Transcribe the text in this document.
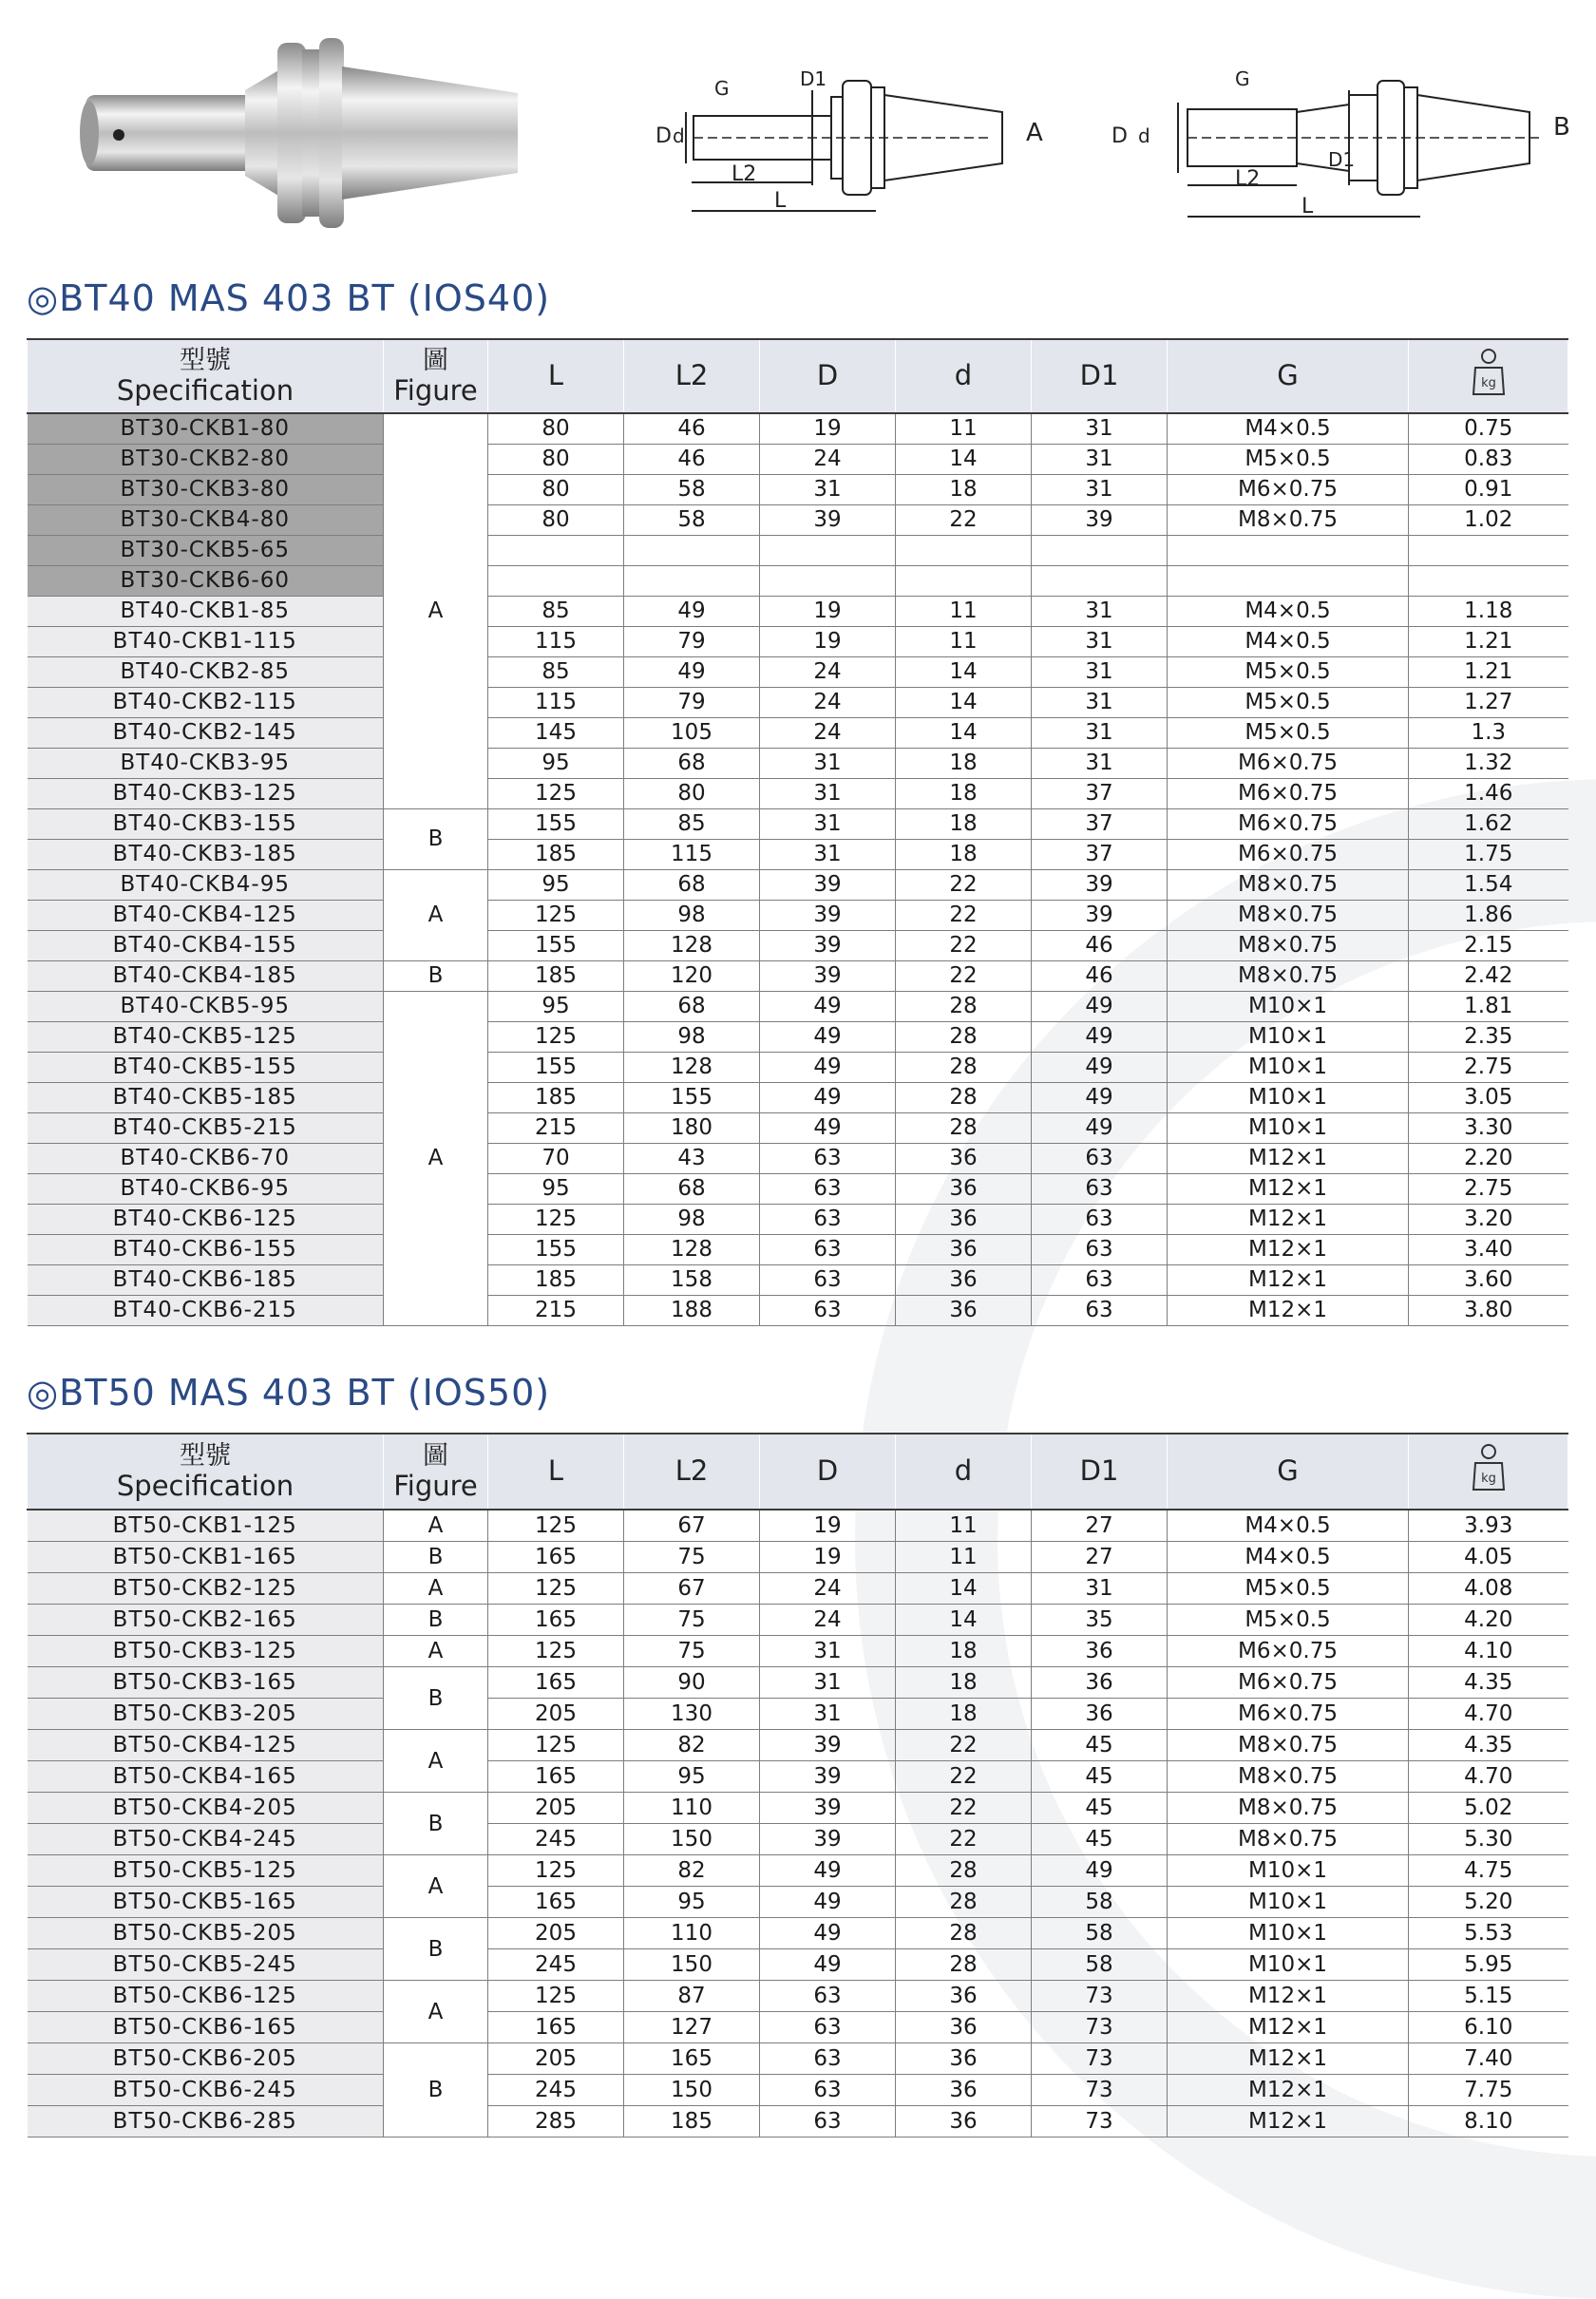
L2
L
G
D d
D1
A
L2
L
G
D d
D1
B
◎BT40 MAS 403 BT (IOS40)
型號
Specification	圖
Figure	L	L2	D	d	D1	G	kg

BT30-CKB1-80	A	80	46	19	11	31	M4×0.5	0.75
BT30-CKB2-80		80	46	24	14	31	M5×0.5	0.83
BT30-CKB3-80		80	58	31	18	31	M6×0.75	0.91
BT30-CKB4-80		80	58	39	22	39	M8×0.75	1.02
BT30-CKB5-65								
BT30-CKB6-60								
BT40-CKB1-85		85	49	19	11	31	M4×0.5	1.18
BT40-CKB1-115		115	79	19	11	31	M4×0.5	1.21
BT40-CKB2-85		85	49	24	14	31	M5×0.5	1.21
BT40-CKB2-115		115	79	24	14	31	M5×0.5	1.27
BT40-CKB2-145		145	105	24	14	31	M5×0.5	1.3
BT40-CKB3-95		95	68	31	18	31	M6×0.75	1.32
BT40-CKB3-125		125	80	31	18	37	M6×0.75	1.46
BT40-CKB3-155	B	155	85	31	18	37	M6×0.75	1.62
BT40-CKB3-185		185	115	31	18	37	M6×0.75	1.75
BT40-CKB4-95	A	95	68	39	22	39	M8×0.75	1.54
BT40-CKB4-125		125	98	39	22	39	M8×0.75	1.86
BT40-CKB4-155		155	128	39	22	46	M8×0.75	2.15
BT40-CKB4-185	B	185	120	39	22	46	M8×0.75	2.42
BT40-CKB5-95	A	95	68	49	28	49	M10×1	1.81
BT40-CKB5-125		125	98	49	28	49	M10×1	2.35
BT40-CKB5-155		155	128	49	28	49	M10×1	2.75
BT40-CKB5-185		185	155	49	28	49	M10×1	3.05
BT40-CKB5-215		215	180	49	28	49	M10×1	3.30
BT40-CKB6-70		70	43	63	36	63	M12×1	2.20
BT40-CKB6-95		95	68	63	36	63	M12×1	2.75
BT40-CKB6-125		125	98	63	36	63	M12×1	3.20
BT40-CKB6-155		155	128	63	36	63	M12×1	3.40
BT40-CKB6-185		185	158	63	36	63	M12×1	3.60
BT40-CKB6-215		215	188	63	36	63	M12×1	3.80
◎BT50 MAS 403 BT (IOS50)
型號
Specification	圖
Figure	L	L2	D	d	D1	G	kg

BT50-CKB1-125	A	125	67	19	11	27	M4×0.5	3.93
BT50-CKB1-165	B	165	75	19	11	27	M4×0.5	4.05
BT50-CKB2-125	A	125	67	24	14	31	M5×0.5	4.08
BT50-CKB2-165	B	165	75	24	14	35	M5×0.5	4.20
BT50-CKB3-125	A	125	75	31	18	36	M6×0.75	4.10
BT50-CKB3-165	B	165	90	31	18	36	M6×0.75	4.35
BT50-CKB3-205		205	130	31	18	36	M6×0.75	4.70
BT50-CKB4-125	A	125	82	39	22	45	M8×0.75	4.35
BT50-CKB4-165		165	95	39	22	45	M8×0.75	4.70
BT50-CKB4-205	B	205	110	39	22	45	M8×0.75	5.02
BT50-CKB4-245		245	150	39	22	45	M8×0.75	5.30
BT50-CKB5-125	A	125	82	49	28	49	M10×1	4.75
BT50-CKB5-165		165	95	49	28	58	M10×1	5.20
BT50-CKB5-205	B	205	110	49	28	58	M10×1	5.53
BT50-CKB5-245		245	150	49	28	58	M10×1	5.95
BT50-CKB6-125	A	125	87	63	36	73	M12×1	5.15
BT50-CKB6-165		165	127	63	36	73	M12×1	6.10
BT50-CKB6-205	B	205	165	63	36	73	M12×1	7.40
BT50-CKB6-245		245	150	63	36	73	M12×1	7.75
BT50-CKB6-285		285	185	63	36	73	M12×1	8.10
